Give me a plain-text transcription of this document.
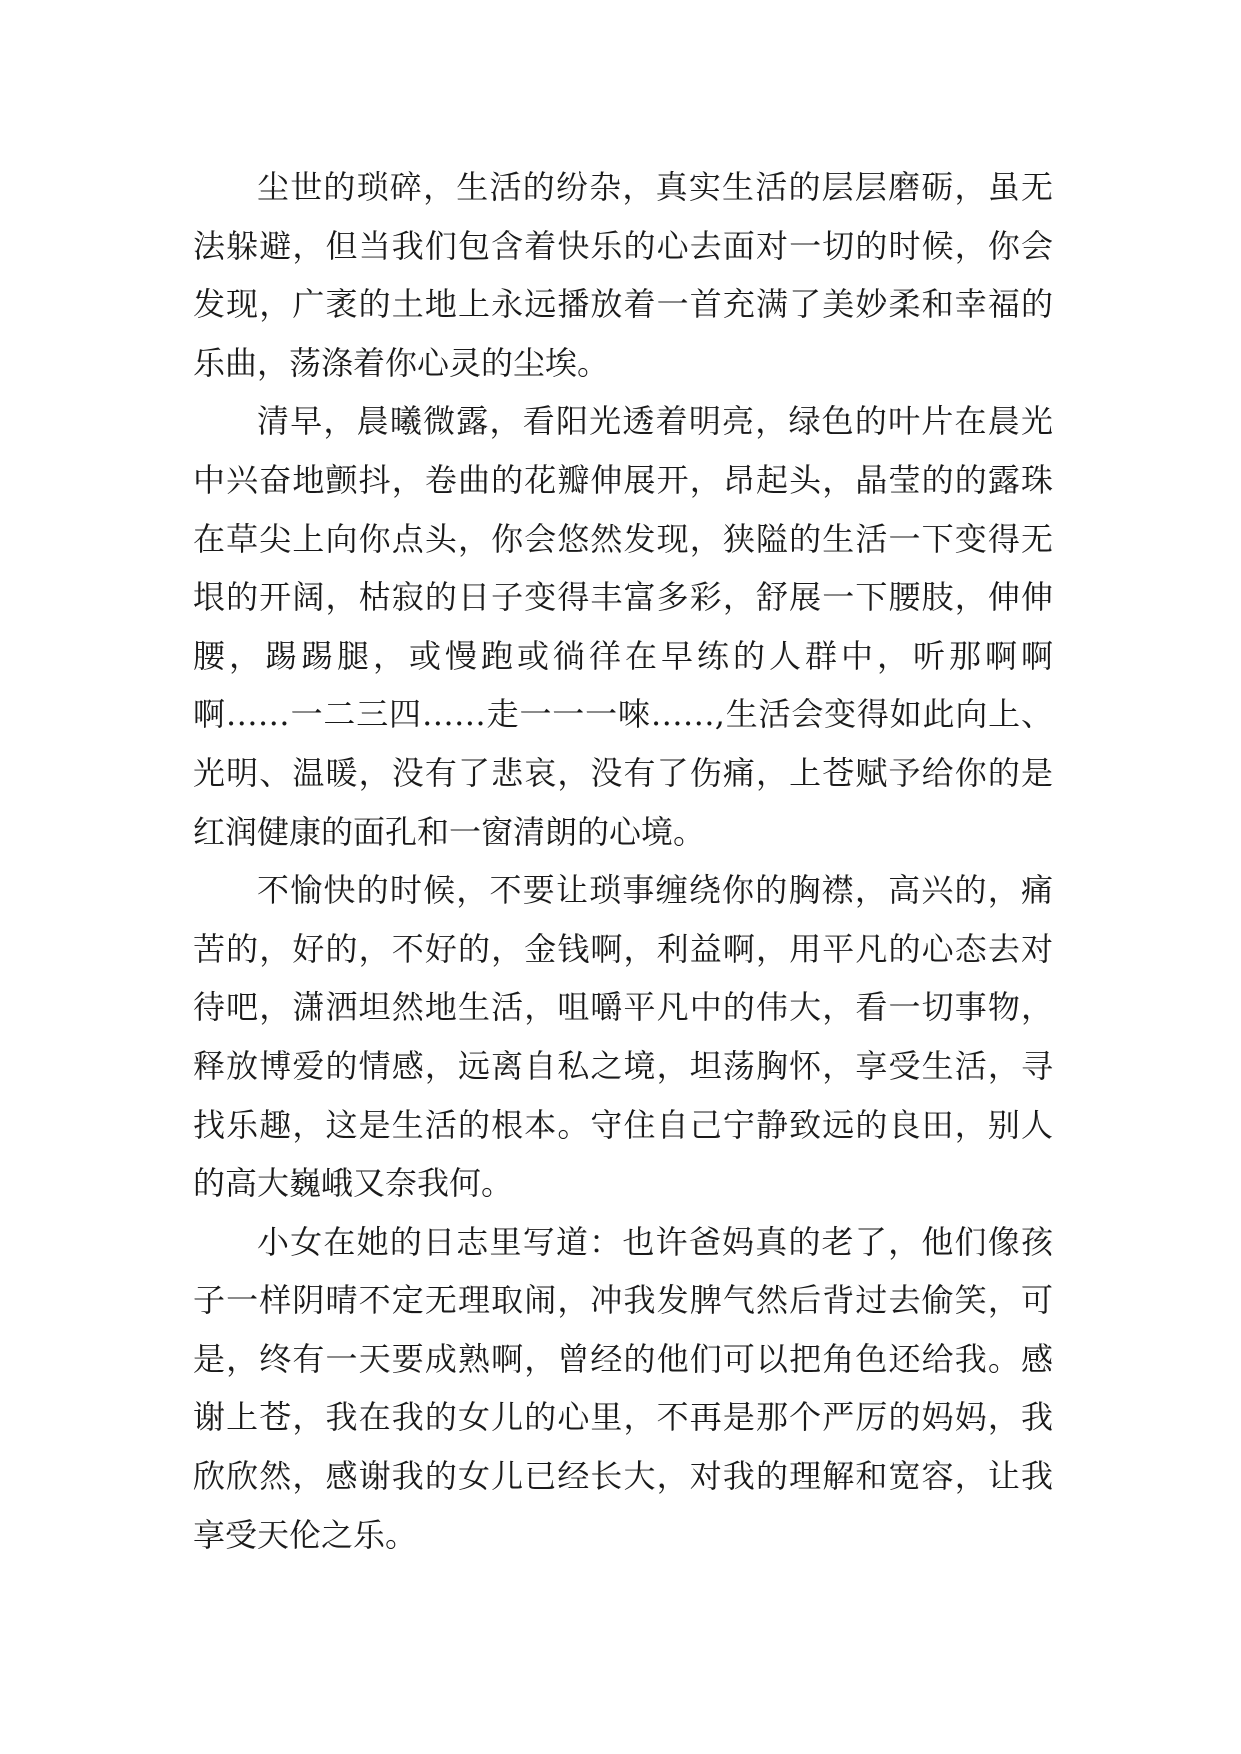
尘世的琐碎，生活的纷杂，真实生活的层层磨砺，虽无法躲避，但当我们包含着快乐的心去面对一切的时候，你会发现，广袤的土地上永远播放着一首充满了美妙柔和幸福的乐曲，荡涤着你心灵的尘埃。

清早，晨曦微露，看阳光透着明亮，绿色的叶片在晨光中兴奋地颤抖，卷曲的花瓣伸展开，昂起头，晶莹的的露珠在草尖上向你点头，你会悠然发现，狭隘的生活一下变得无垠的开阔，枯寂的日子变得丰富多彩，舒展一下腰肢，伸伸腰，踢踢腿，或慢跑或徜徉在早练的人群中，听那啊啊啊……一二三四……走一一一唻……,生活会变得如此向上、光明、温暖，没有了悲哀，没有了伤痛，上苍赋予给你的是红润健康的面孔和一窗清朗的心境。

不愉快的时候，不要让琐事缠绕你的胸襟，高兴的，痛苦的，好的，不好的，金钱啊，利益啊，用平凡的心态去对待吧，潇洒坦然地生活，咀嚼平凡中的伟大，看一切事物，释放博爱的情感，远离自私之境，坦荡胸怀，享受生活，寻找乐趣，这是生活的根本。守住自己宁静致远的良田，别人的高大巍峨又奈我何。

小女在她的日志里写道：也许爸妈真的老了，他们像孩子一样阴晴不定无理取闹，冲我发脾气然后背过去偷笑，可是，终有一天要成熟啊，曾经的他们可以把角色还给我。感谢上苍，我在我的女儿的心里，不再是那个严厉的妈妈，我欣欣然，感谢我的女儿已经长大，对我的理解和宽容，让我享受天伦之乐。
